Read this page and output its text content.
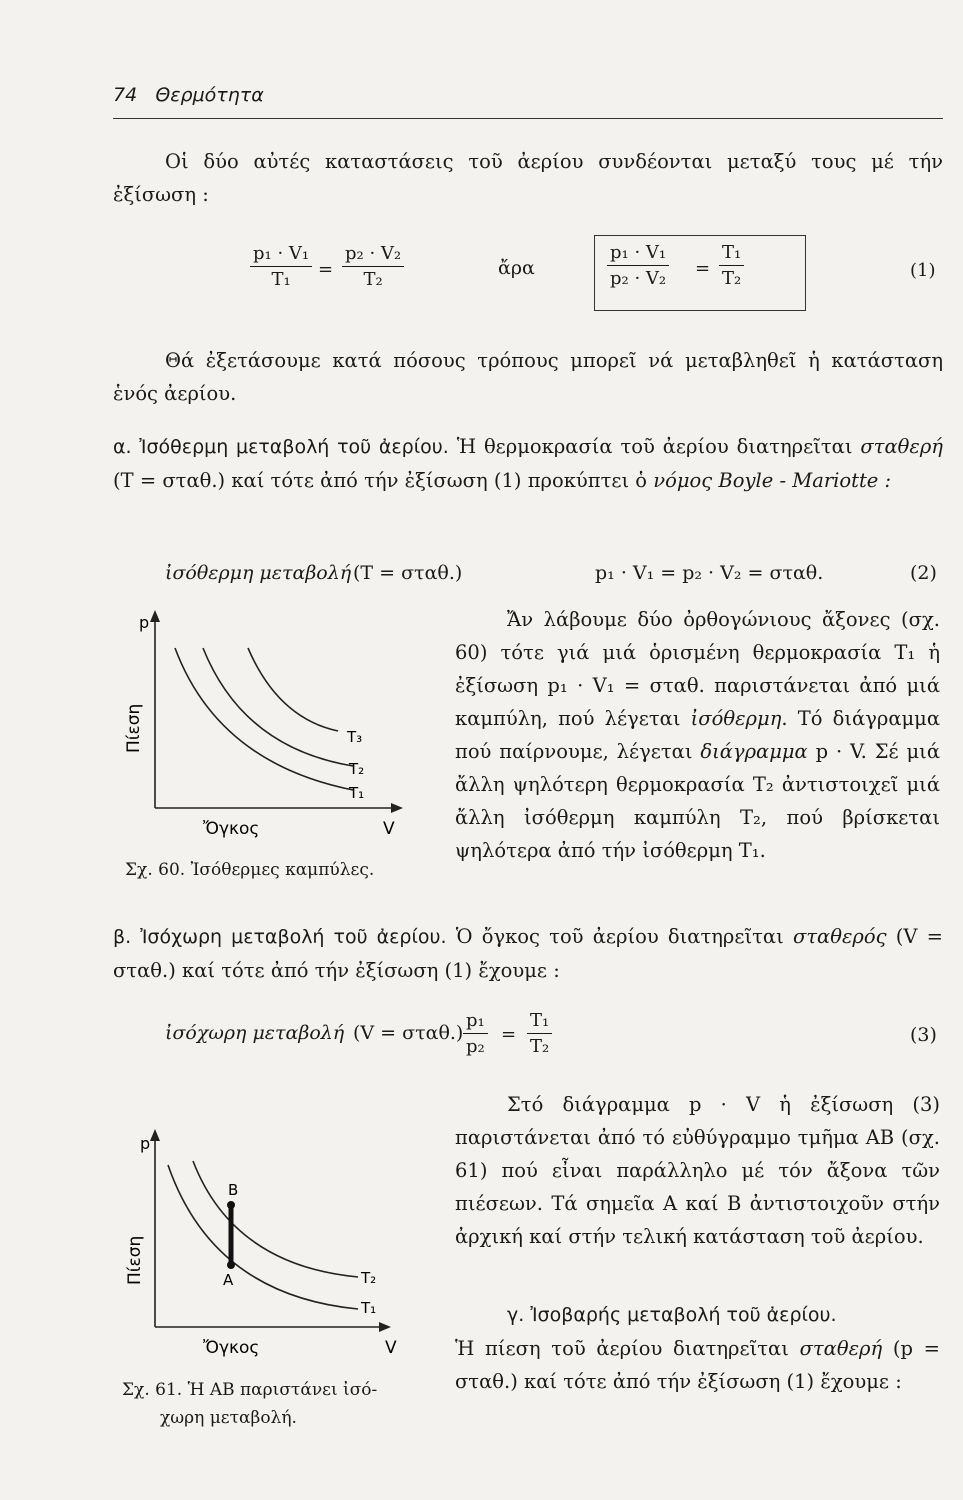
74 Θερμότητα
Οἱ δύο αὐτές καταστάσεις τοῦ ἀερίου συνδέονται μεταξύ τους μέ τήν ἐξίσωση :
$\frac{\text{p₁ · V₁}}{\text{T₁}} = \frac{\text{p₂ · V₂}}{\text{T₂}}$	ἄρα	$\frac{\text{p₁ · V₁}}{\text{p₂ · V₂}} = \frac{\text{T₁}}{\text{T₂}}$	(1)
Θά ἐξετάσουμε κατά πόσους τρόπους μπορεῖ νά μεταβληθεῖ ἡ κατάσταση ἑνός ἀερίου.
α. Ἰσόθερμη μεταβολή τοῦ ἀερίου. Ἡ θερμοκρασία τοῦ ἀερίου διατηρεῖται σταθερή (T = σταθ.) καί τότε ἀπό τήν ἐξίσωση (1) προκύπτει ὁ νόμος Boyle - Mariotte :
ἰσόθερμη μεταβολή (T = σταθ.)	p₁ · V₁ = p₂ · V₂ = σταθ.	(2)
p
Πίεση	T₃
T₂
T₁
Ὄγκος	V
Σχ. 60. Ἰσόθερμες καμπύλες.
Ἄν λάβουμε δύο ὀρθογώνιους ἄξονες (σχ. 60) τότε γιά μιά ὁρισμένη θερμοκρασία T₁ ἡ ἐξίσωση p₁ · V₁ = σταθ. παριστάνεται ἀπό μιά καμπύλη, πού λέγεται ἰσόθερμη. Τό διάγραμμα πού παίρνουμε, λέγεται διάγραμμα p · V. Σέ μιά ἄλλη ψηλότερη θερμοκρασία T₂ ἀντιστοιχεῖ μιά ἄλλη ἰσόθερμη καμπύλη T₂, πού βρίσκεται ψηλότερα ἀπό τήν ἰσόθερμη T₁.
β. Ἰσόχωρη μεταβολή τοῦ ἀερίου. Ὁ ὄγκος τοῦ ἀερίου διατηρεῖται σταθερός (V = σταθ.) καί τότε ἀπό τήν ἐξίσωση (1) ἔχουμε :
ἰσόχωρη μεταβολή $(V = \sigma\tau\alpha\theta.) \frac{\text{p₁}}{\text{p₂}} = \frac{\text{T₁}}{\text{T₂}}$	(3)
Στό διάγραμμα p · V ἡ ἐξίσωση (3) παριστάνεται ἀπό τό εὐθύγραμμο τμῆμα AB (σχ. 61) πού εἶναι παράλληλο μέ τόν ἄξονα τῶν πιέσεων. Τά σημεῖα A καί B ἀντιστοιχοῦν στήν ἀρχική καί στήν τελική κατάσταση τοῦ ἀερίου.
p
Πίεση
B
A	T₂
T₁
Ὄγκος	V
Σχ. 61. Ἡ AB παριστάνει ἰσό-
χωρη μεταβολή.
γ. Ἰσοβαρής μεταβολή τοῦ ἀερίου.
Ἡ πίεση τοῦ ἀερίου διατηρεῖται σταθερή (p = σταθ.) καί τότε ἀπό τήν ἐξίσωση (1) ἔχουμε :
